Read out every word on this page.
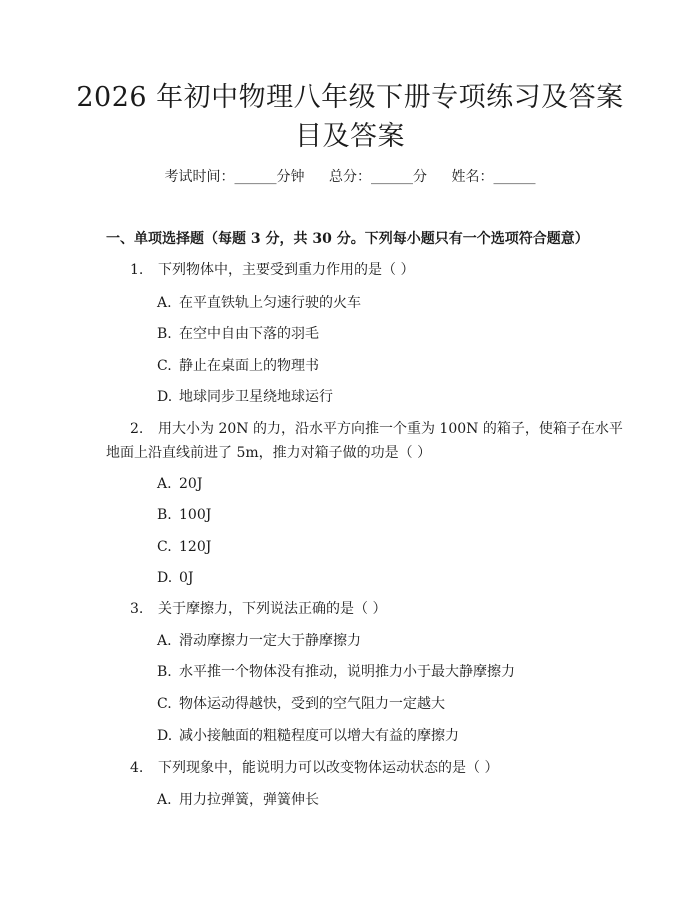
2026 年初中物理八年级下册专项练习及答案
目及答案
考试时间：______分钟 总分：______分 姓名：______
一、单项选择题（每题 3 分，共 30 分。下列每小题只有一个选项符合题意）
1. 下列物体中，主要受到重力作用的是（ ）
A. 在平直铁轨上匀速行驶的火车
B. 在空中自由下落的羽毛
C. 静止在桌面上的物理书
D. 地球同步卫星绕地球运行
2. 用大小为 20N 的力，沿水平方向推一个重为 100N 的箱子，使箱子在水平
地面上沿直线前进了 5m，推力对箱子做的功是（ ）
A. 20J
B. 100J
C. 120J
D. 0J
3. 关于摩擦力，下列说法正确的是（ ）
A. 滑动摩擦力一定大于静摩擦力
B. 水平推一个物体没有推动，说明推力小于最大静摩擦力
C. 物体运动得越快，受到的空气阻力一定越大
D. 减小接触面的粗糙程度可以增大有益的摩擦力
4. 下列现象中，能说明力可以改变物体运动状态的是（ ）
A. 用力拉弹簧，弹簧伸长
